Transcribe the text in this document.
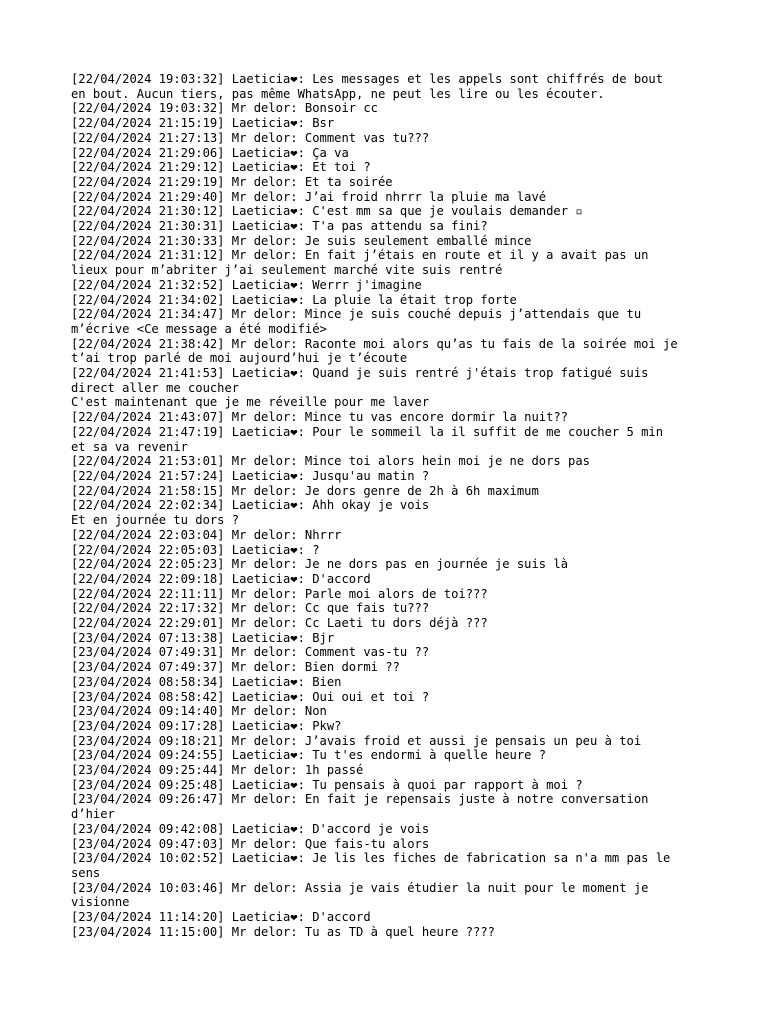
[22/04/2024 19:03:32] Laeticia❤: Les messages et les appels sont chiffrés de bout
en bout. Aucun tiers, pas même WhatsApp, ne peut les lire ou les écouter.
[22/04/2024 19:03:32] Mr delor: Bonsoir cc
[22/04/2024 21:15:19] Laeticia❤: Bsr
[22/04/2024 21:27:13] Mr delor: Comment vas tu???
[22/04/2024 21:29:06] Laeticia❤: Ça va
[22/04/2024 21:29:12] Laeticia❤: Et toi ?
[22/04/2024 21:29:19] Mr delor: Et ta soirée
[22/04/2024 21:29:40] Mr delor: J’ai froid nhrrr la pluie ma lavé
[22/04/2024 21:30:12] Laeticia❤: C'est mm sa que je voulais demander ▫
[22/04/2024 21:30:31] Laeticia❤: T'a pas attendu sa fini?
[22/04/2024 21:30:33] Mr delor: Je suis seulement emballé mince
[22/04/2024 21:31:12] Mr delor: En fait j’étais en route et il y a avait pas un
lieux pour m’abriter j’ai seulement marché vite suis rentré
[22/04/2024 21:32:52] Laeticia❤: Werrr j'imagine
[22/04/2024 21:34:02] Laeticia❤: La pluie la était trop forte
[22/04/2024 21:34:47] Mr delor: Mince je suis couché depuis j’attendais que tu
m’écrive <Ce message a été modifié>
[22/04/2024 21:38:42] Mr delor: Raconte moi alors qu’as tu fais de la soirée moi je
t’ai trop parlé de moi aujourd’hui je t’écoute
[22/04/2024 21:41:53] Laeticia❤: Quand je suis rentré j'étais trop fatigué suis
direct aller me coucher
C'est maintenant que je me réveille pour me laver
[22/04/2024 21:43:07] Mr delor: Mince tu vas encore dormir la nuit??
[22/04/2024 21:47:19] Laeticia❤: Pour le sommeil la il suffit de me coucher 5 min
et sa va revenir
[22/04/2024 21:53:01] Mr delor: Mince toi alors hein moi je ne dors pas
[22/04/2024 21:57:24] Laeticia❤: Jusqu'au matin ?
[22/04/2024 21:58:15] Mr delor: Je dors genre de 2h à 6h maximum
[22/04/2024 22:02:34] Laeticia❤: Ahh okay je vois
Et en journée tu dors ?
[22/04/2024 22:03:04] Mr delor: Nhrrr
[22/04/2024 22:05:03] Laeticia❤: ?
[22/04/2024 22:05:23] Mr delor: Je ne dors pas en journée je suis là
[22/04/2024 22:09:18] Laeticia❤: D'accord
[22/04/2024 22:11:11] Mr delor: Parle moi alors de toi???
[22/04/2024 22:17:32] Mr delor: Cc que fais tu???
[22/04/2024 22:29:01] Mr delor: Cc Laeti tu dors déjà ???
[23/04/2024 07:13:38] Laeticia❤: Bjr
[23/04/2024 07:49:31] Mr delor: Comment vas-tu ??
[23/04/2024 07:49:37] Mr delor: Bien dormi ??
[23/04/2024 08:58:34] Laeticia❤: Bien
[23/04/2024 08:58:42] Laeticia❤: Oui oui et toi ?
[23/04/2024 09:14:40] Mr delor: Non
[23/04/2024 09:17:28] Laeticia❤: Pkw?
[23/04/2024 09:18:21] Mr delor: J’avais froid et aussi je pensais un peu à toi
[23/04/2024 09:24:55] Laeticia❤: Tu t'es endormi à quelle heure ?
[23/04/2024 09:25:44] Mr delor: 1h passé
[23/04/2024 09:25:48] Laeticia❤: Tu pensais à quoi par rapport à moi ?
[23/04/2024 09:26:47] Mr delor: En fait je repensais juste à notre conversation
d’hier
[23/04/2024 09:42:08] Laeticia❤: D'accord je vois
[23/04/2024 09:47:03] Mr delor: Que fais-tu alors
[23/04/2024 10:02:52] Laeticia❤: Je lis les fiches de fabrication sa n'a mm pas le
sens
[23/04/2024 10:03:46] Mr delor: Assia je vais étudier la nuit pour le moment je
visionne
[23/04/2024 11:14:20] Laeticia❤: D'accord
[23/04/2024 11:15:00] Mr delor: Tu as TD à quel heure ????
